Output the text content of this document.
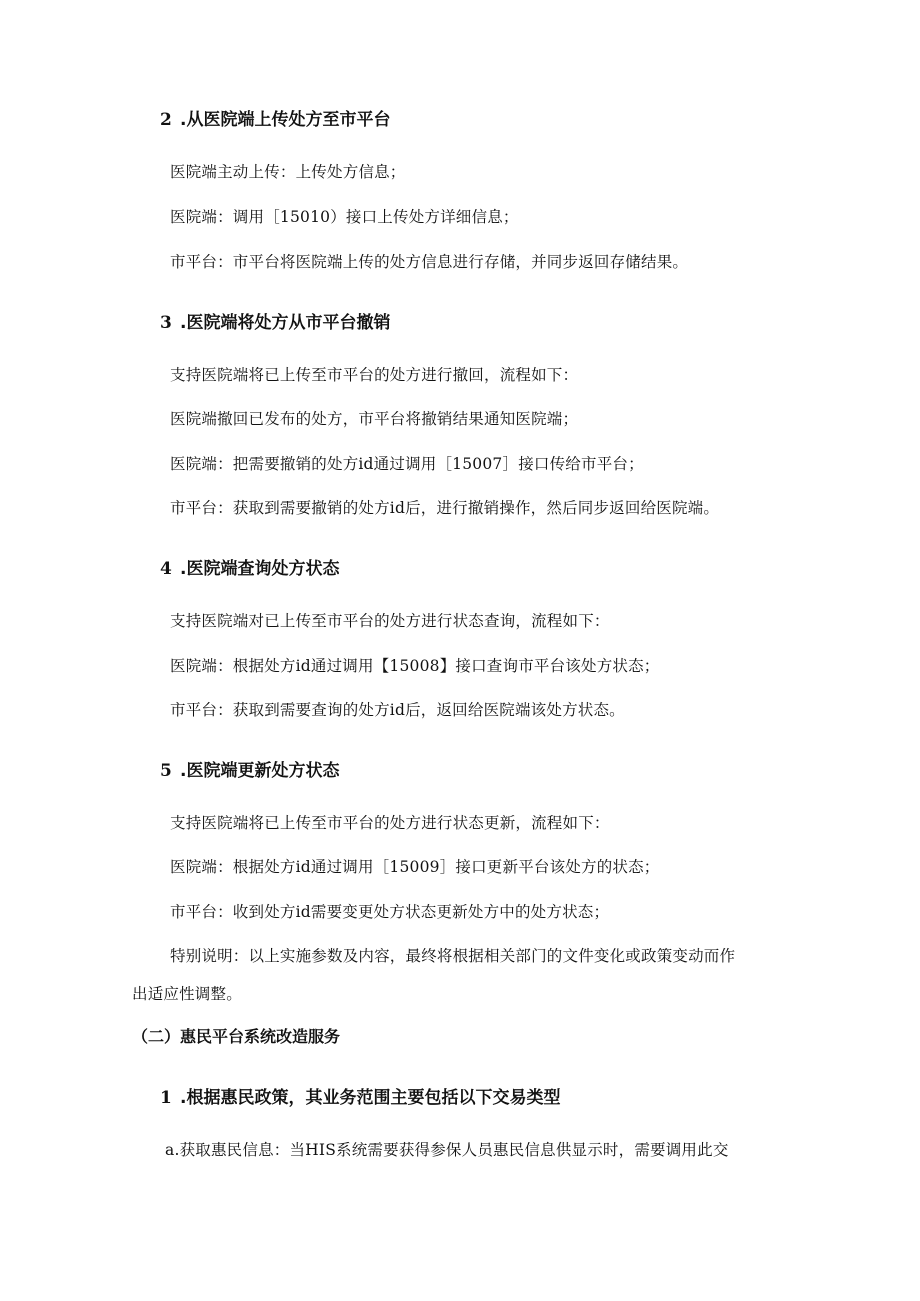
2 .从医院端上传处方至市平台
医院端主动上传：上传处方信息；
医院端：调用［15010）接口上传处方详细信息；
市平台：市平台将医院端上传的处方信息进行存储，并同步返回存储结果。
3 .医院端将处方从市平台撤销
支持医院端将已上传至市平台的处方进行撤回，流程如下：
医院端撤回已发布的处方，市平台将撤销结果通知医院端；
医院端：把需要撤销的处方id通过调用［15007］接口传给市平台；
市平台：获取到需要撤销的处方id后，进行撤销操作，然后同步返回给医院端。
4 .医院端查询处方状态
支持医院端对已上传至市平台的处方进行状态查询，流程如下：
医院端：根据处方id通过调用【15008】接口查询市平台该处方状态；
市平台：获取到需要查询的处方id后，返回给医院端该处方状态。
5 .医院端更新处方状态
支持医院端将已上传至市平台的处方进行状态更新，流程如下：
医院端：根据处方id通过调用［15009］接口更新平台该处方的状态；
市平台：收到处方id需要变更处方状态更新处方中的处方状态；
特别说明：以上实施参数及内容，最终将根据相关部门的文件变化或政策变动而作
出适应性调整。
（二）惠民平台系统改造服务
1 .根据惠民政策，其业务范围主要包括以下交易类型
a.获取惠民信息：当HIS系统需要获得参保人员惠民信息供显示时，需要调用此交
